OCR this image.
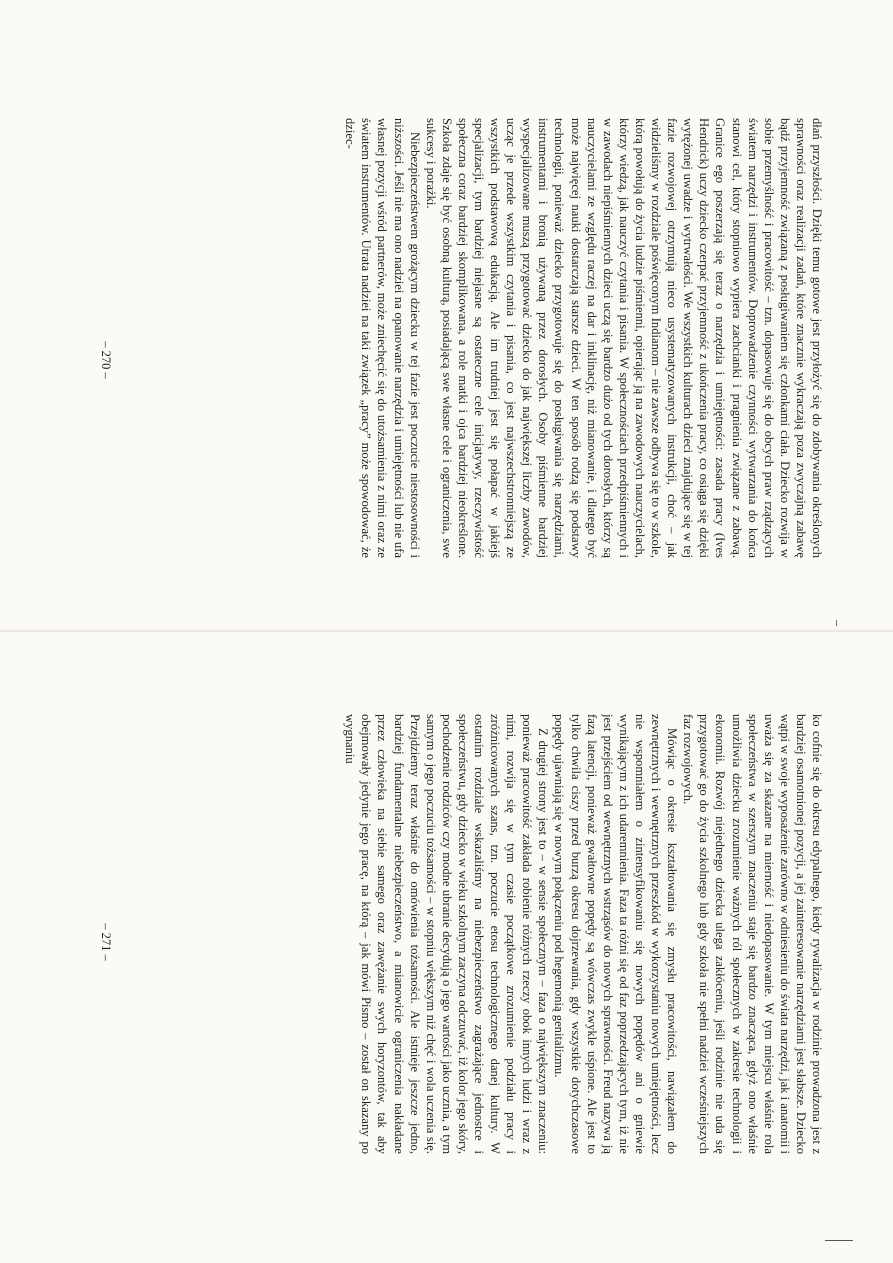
dłań przyszłości. Dzięki temu gotowe jest przyłożyć się do zdobywania określonych sprawności oraz realizacji zadań, które znacznie wykraczają poza zwyczajną zabawę bądź przyjemność związaną z posługiwaniem się członkami ciała. Dziecko rozwija w sobie przemyślność i pracowitość – tzn. dopasowuje się do obcych praw rządzących światem narzędzi i instrumentów. Doprowadzenie czynności wytwarzania do końca stanowi cel, który stopniowo wypiera zachcianki i pragnienia związane z zabawą. Granice ego poszerzają się teraz o narzędzia i umiejętności: zasada pracy (Ives Hendrick) uczy dziecko czerpać przyjemność z ukończenia pracy, co osiąga się dzięki wytężonej uwadze i wytrwałości. We wszystkich kulturach dzieci znajdujące się w tej fazie rozwojowej otrzymują nieco usystematyzowanych instrukcji, choć – jak widzieliśmy w rozdziale poświęconym Indianom – nie zawsze odbywa się to w szkole, którą powołują do życia ludzie piśmienni, opierając ją na zawodowych nauczycielach, którzy wiedzą, jak nauczyć czytania i pisania. W społecznościach przedpiśmiennych i w zawodach niepiśmiennych dzieci uczą się bardzo dużo od tych dorosłych, którzy są nauczycielami ze względu raczej na dar i inklinację, niż mianowanie, i dlatego być może najwięcej nauki dostarczają starsze dzieci. W ten sposób rodzą się podstawy technologii, ponieważ dziecko przygotowuje się do posługiwania się narzędziami, instrumentami i bronią używaną przez dorosłych. Osoby piśmienne bardziej wyspecjalizowane muszą przygotować dziecko do jak największej liczby zawodów, ucząc je przede wszystkim czytania i pisania, co jest najwszechstronniejszą ze wszystkich podstawową edukacją. Ale im trudniej jest się połapać w jakiejś specjalizacji, tym bardziej niejasne są ostateczne cele inicjatywy, rzeczywistość społeczna coraz bardziej skomplikowana, a role matki i ojca bardziej nieokreślone. Szkoła zdaje się być osobną kulturą, posiadającą swe własne cele i ograniczenia, swe sukcesy i porażki.

Niebezpieczeństwem grożącym dziecku w tej fazie jest poczucie niestosowności i niższości. Jeśli nie ma ono nadziei na opanowanie narzędzia i umiejętności lub nie ufa własnej pozycji wśród partnerów, może zniechęcić się do utożsamienia z nimi oraz ze światem instrumentów. Utrata nadziei na taki związek „pracy” może spowodować, że dziec-

– 270 –

ko cofnie się do okresu edypalnego, kiedy rywalizacja w rodzinie prowadzona jest z bardziej osamotnionej pozycji, a jej zainteresowanie narzędziami jest słabsze. Dziecko wątpi w swoje wyposażenie zarówno w odniesieniu do świata narzędzi, jak i anatomii i uważa się za skazane na mierność i niedopasowanie. W tym miejscu właśnie rola społeczeństwa w szerszym znaczeniu staje się bardzo znacząca, gdyż ono właśnie umożliwia dziecku zrozumienie ważnych ról społecznych w zakresie technologii i ekonomii. Rozwój niejednego dziecka ulega zakłóceniu, jeśli rodzinie nie uda się przygotować go do życia szkolnego lub gdy szkoła nie spełni nadziei wcześniejszych faz rozwojowych.

Mówiąc o okresie kształtowania się zmysłu pracowitości, nawiązałem do zewnętrznych i wewnętrznych przeszkód w wykorzystaniu nowych umiejętności, lecz nie wspomniałem o zintensyfikowaniu się nowych popędów ani o gniewie wynikającym z ich udaremnienia. Faza ta różni się od faz poprzedzających tym, iż nie jest przejściem od wewnętrznych wstrząsów do nowych sprawności. Freud nazywa ją fazą latencji, ponieważ gwałtowne popędy są wówczas zwykle uśpione. Ale jest to tylko chwila ciszy przed burzą okresu dojrzewania, gdy wszystkie dotychczasowe popędy ujawniają się w nowym połączeniu pod hegemonią genitalizmu.

Z drugiej strony jest to – w sensie społecznym – faza o największym znaczeniu: ponieważ pracowitość zakłada robienie różnych rzeczy obok innych ludzi i wraz z nimi, rozwija się w tym czasie początkowe zrozumienie podziału pracy i zróżnicowanych szans, tzn. poczucie etosu technologicznego danej kultury. W ostatnim rozdziale wskazaliśmy na niebezpieczeństwo zagrażające jednostce i społeczeństwu, gdy dziecko w wieku szkolnym zaczyna odczuwać, iż kolor jego skóry, pochodzenie rodziców czy modne ubranie decydują o jego wartości jako ucznia, a tym samym o jego poczuciu tożsamości – w stopniu większym niż chęć i wola uczenia się. Przejdziemy teraz właśnie do omówienia tożsamości. Ale istnieje jeszcze jedno, bardziej fundamentalne niebezpieczeństwo, a mianowicie ograniczenia nakładane przez człowieka na siebie samego oraz zawężanie swych horyzontów, tak aby obejmowały jedynie jego pracę, na którą – jak mówi Pismo – został on skazany po wygnaniu

– 271 –
